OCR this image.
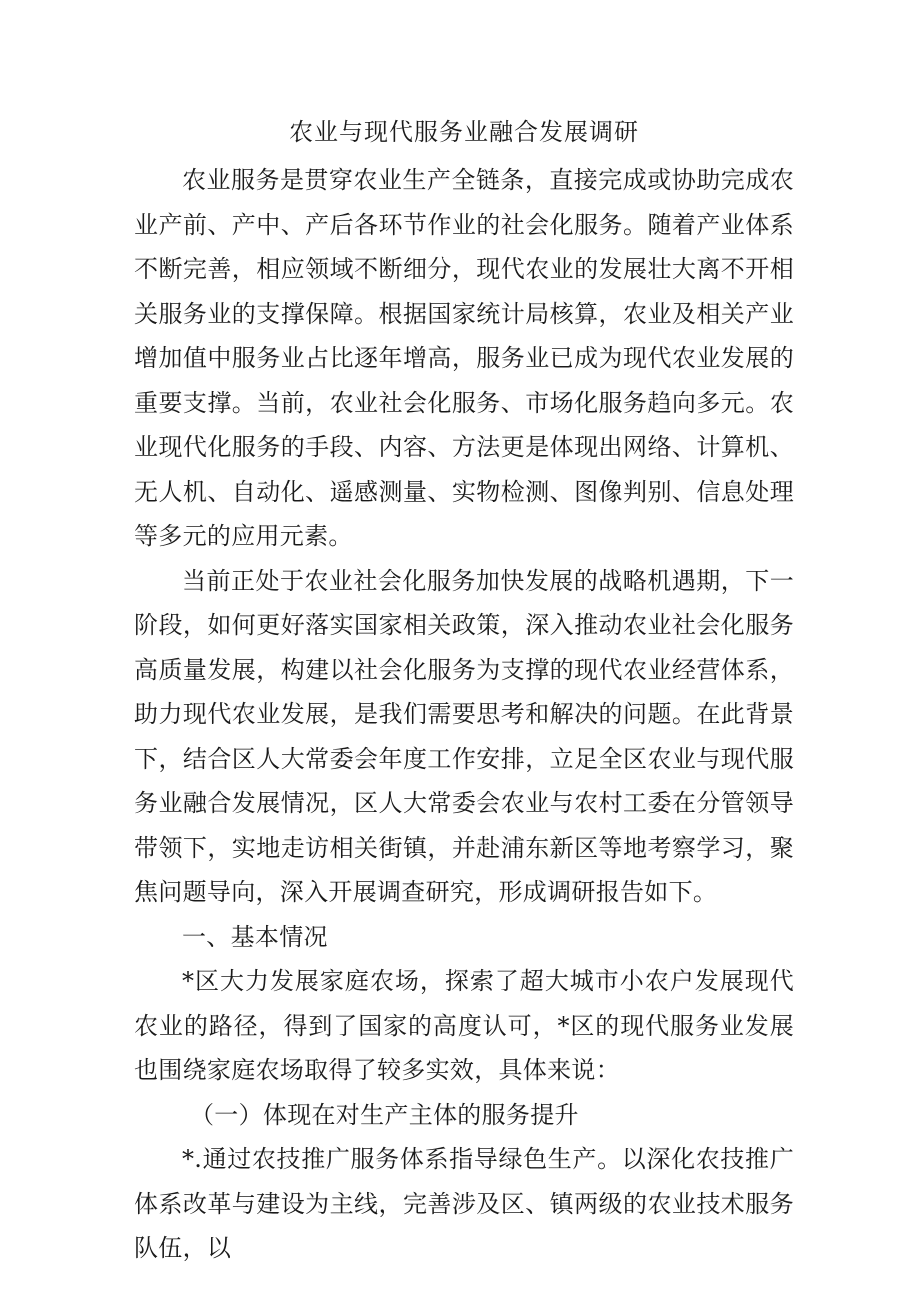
农业与现代服务业融合发展调研

农业服务是贯穿农业生产全链条，直接完成或协助完成农业产前、产中、产后各环节作业的社会化服务。随着产业体系不断完善，相应领域不断细分，现代农业的发展壮大离不开相关服务业的支撑保障。根据国家统计局核算，农业及相关产业增加值中服务业占比逐年增高，服务业已成为现代农业发展的重要支撑。当前，农业社会化服务、市场化服务趋向多元。农业现代化服务的手段、内容、方法更是体现出网络、计算机、无人机、自动化、遥感测量、实物检测、图像判别、信息处理等多元的应用元素。

当前正处于农业社会化服务加快发展的战略机遇期，下一阶段，如何更好落实国家相关政策，深入推动农业社会化服务高质量发展，构建以社会化服务为支撑的现代农业经营体系，助力现代农业发展，是我们需要思考和解决的问题。在此背景下，结合区人大常委会年度工作安排，立足全区农业与现代服务业融合发展情况，区人大常委会农业与农村工委在分管领导带领下，实地走访相关街镇，并赴浦东新区等地考察学习，聚焦问题导向，深入开展调查研究，形成调研报告如下。

一、基本情况

*区大力发展家庭农场，探索了超大城市小农户发展现代农业的路径，得到了国家的高度认可，*区的现代服务业发展也围绕家庭农场取得了较多实效，具体来说：

（一）体现在对生产主体的服务提升

*.通过农技推广服务体系指导绿色生产。以深化农技推广体系改革与建设为主线，完善涉及区、镇两级的农业技术服务队伍，以
